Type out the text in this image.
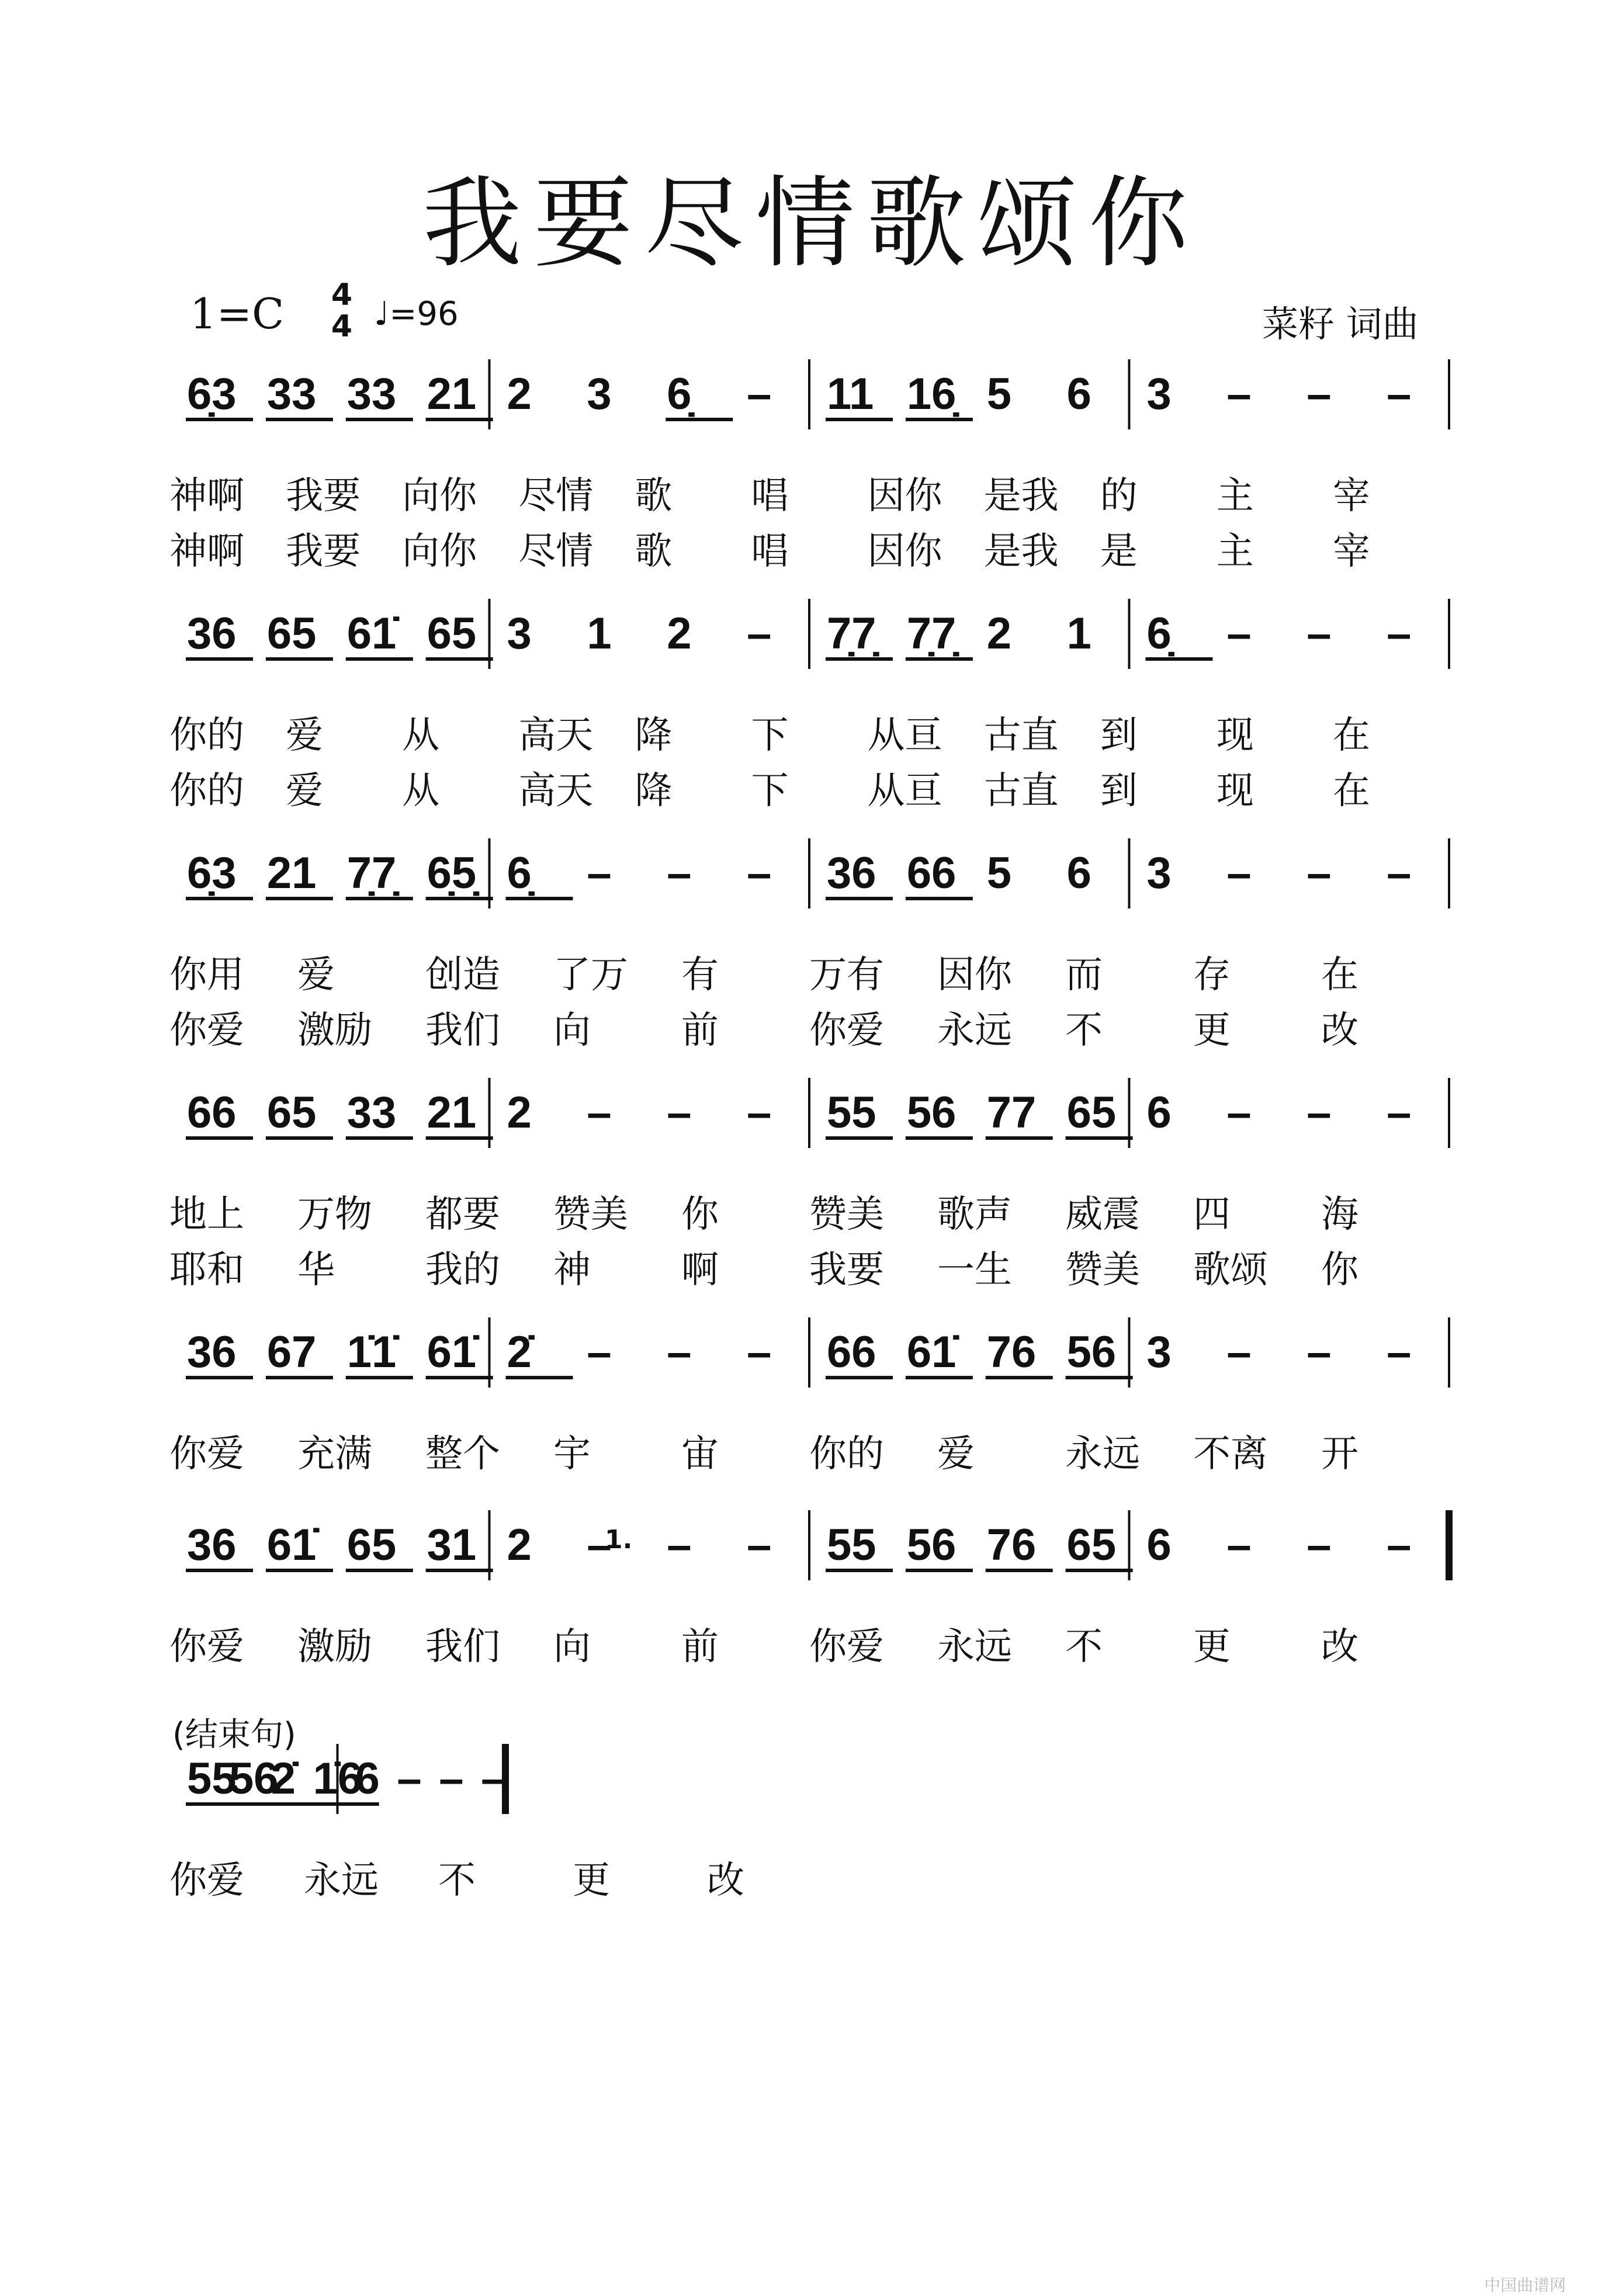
我要尽情歌颂你
1=C 4
4 ♩=96	菜籽 词曲
(结束句)
1.
中国曲谱网
6̣3 33 33 21 2 3 6̣ – 11 16̣ 5 6 3 – – –
神啊 我要 向你 尽情 歌 唱 因你 是我 的 主 宰
神啊 我要 向你 尽情 歌 唱 因你 是我 是 主 宰
36 65 61̇ 65 3 1 2 – 7̣7̣ 7̣7̣ 2 1 6̣ – – –
你的 爱 从 高天 降 下 从亘 古直 到 现 在
你的 爱 从 高天 降 下 从亘 古直 到 现 在
6̣3 21 7̣7̣ 6̣5̣ 6̣ – – – 36 66 5 6 3 – – –
你用 爱 创造 了万 有 万有 因你 而 存 在
你爱 激励 我们 向 前 你爱 永远 不 更 改
66 65 33 21 2 – – – 55 56 77 65 6 – – –
地上 万物 都要 赞美 你 赞美 歌声 威震 四 海
耶和 华 我的 神 啊 我要 一生 赞美 歌颂 你
36 67 1̇1̇ 61̇ 2̇ – – – 66 61̇ 76 56 3 – – –
你爱 充满 整个 宇 宙 你的 爱 永远 不离 开
36 61̇ 65 31 2 – – – 55 56 76 65 6 – – –
你爱 激励 我们 向 前 你爱 永远 不 更 改
55
56
2̇ 1̇6
6 – – –
你爱 永远 不	更	改
